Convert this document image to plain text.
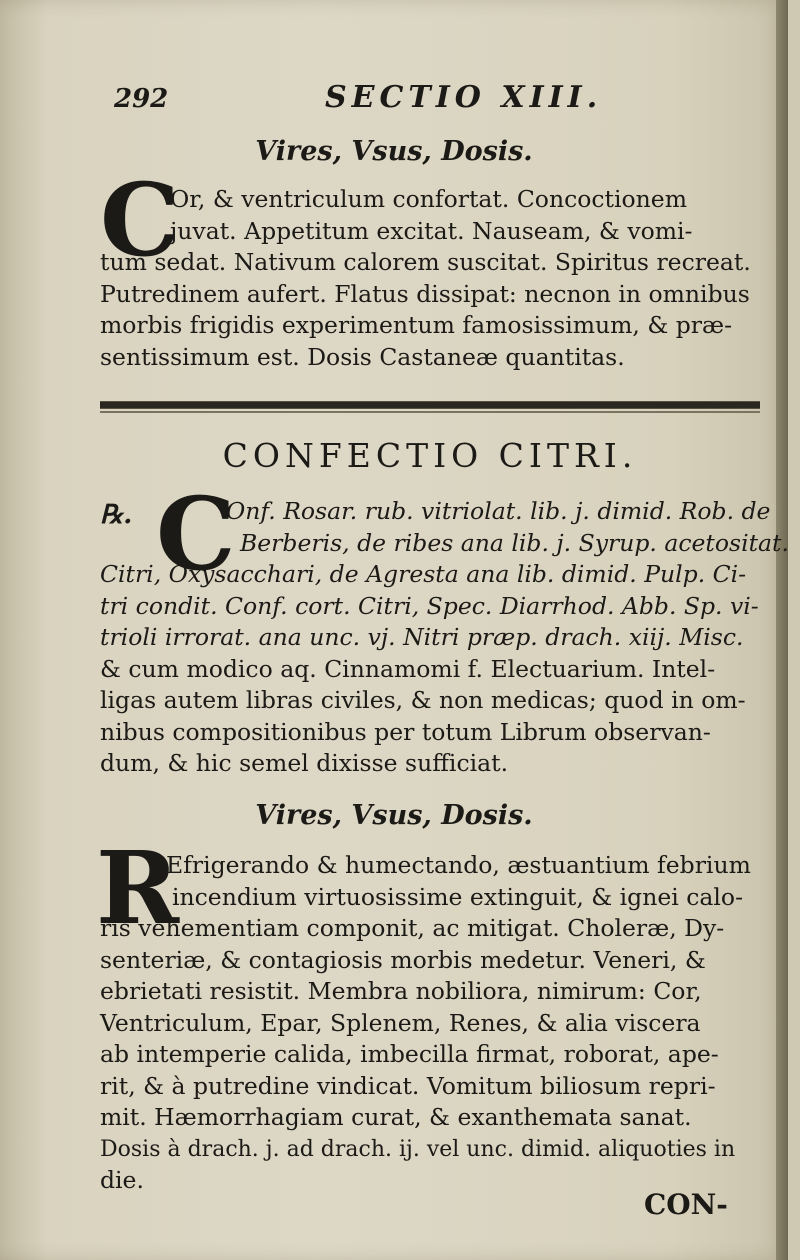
292	SECTIO XIII.
Vires, Vsus, Dosis.
C
Or, & ventriculum confortat. Concoctionem
juvat. Appetitum excitat. Nauseam, & vomi-
tum sedat. Nativum calorem suscitat. Spiritus recreat.
Putredinem aufert. Flatus dissipat: necnon in omnibus
morbis frigidis experimentum famosissimum, & præ-
sentissimum est. Dosis Castaneæ quantitas.
CONFECTIO CITRI.
℞. C
Onf. Rosar. rub. vitriolat. lib. j. dimid. Rob. de
Berberis, de ribes ana lib. j. Syrup. acetositat.
Citri, Oxysacchari, de Agresta ana lib. dimid. Pulp. Ci-
tri condit. Conf. cort. Citri, Spec. Diarrhod. Abb. Sp. vi-
trioli irrorat. ana unc. vj. Nitri præp. drach. xiij. Misc.
& cum modico aq. Cinnamomi f. Electuarium. Intel-
ligas autem libras civiles, & non medicas; quod in om-
nibus compositionibus per totum Librum observan-
dum, & hic semel dixisse sufficiat.
Vires, Vsus, Dosis.
R
Efrigerando & humectando, æstuantium febrium
incendium virtuosissime extinguit, & ignei calo-
ris vehementiam componit, ac mitigat. Choleræ, Dy-
senteriæ, & contagiosis morbis medetur. Veneri, &
ebrietati resistit. Membra nobiliora, nimirum: Cor,
Ventriculum, Epar, Splenem, Renes, & alia viscera
ab intemperie calida, imbecilla firmat, roborat, ape-
rit, & à putredine vindicat. Vomitum biliosum repri-
mit. Hæmorrhagiam curat, & exanthemata sanat.
Dosis à drach. j. ad drach. ij. vel unc. dimid. aliquoties in
die.
CON-
